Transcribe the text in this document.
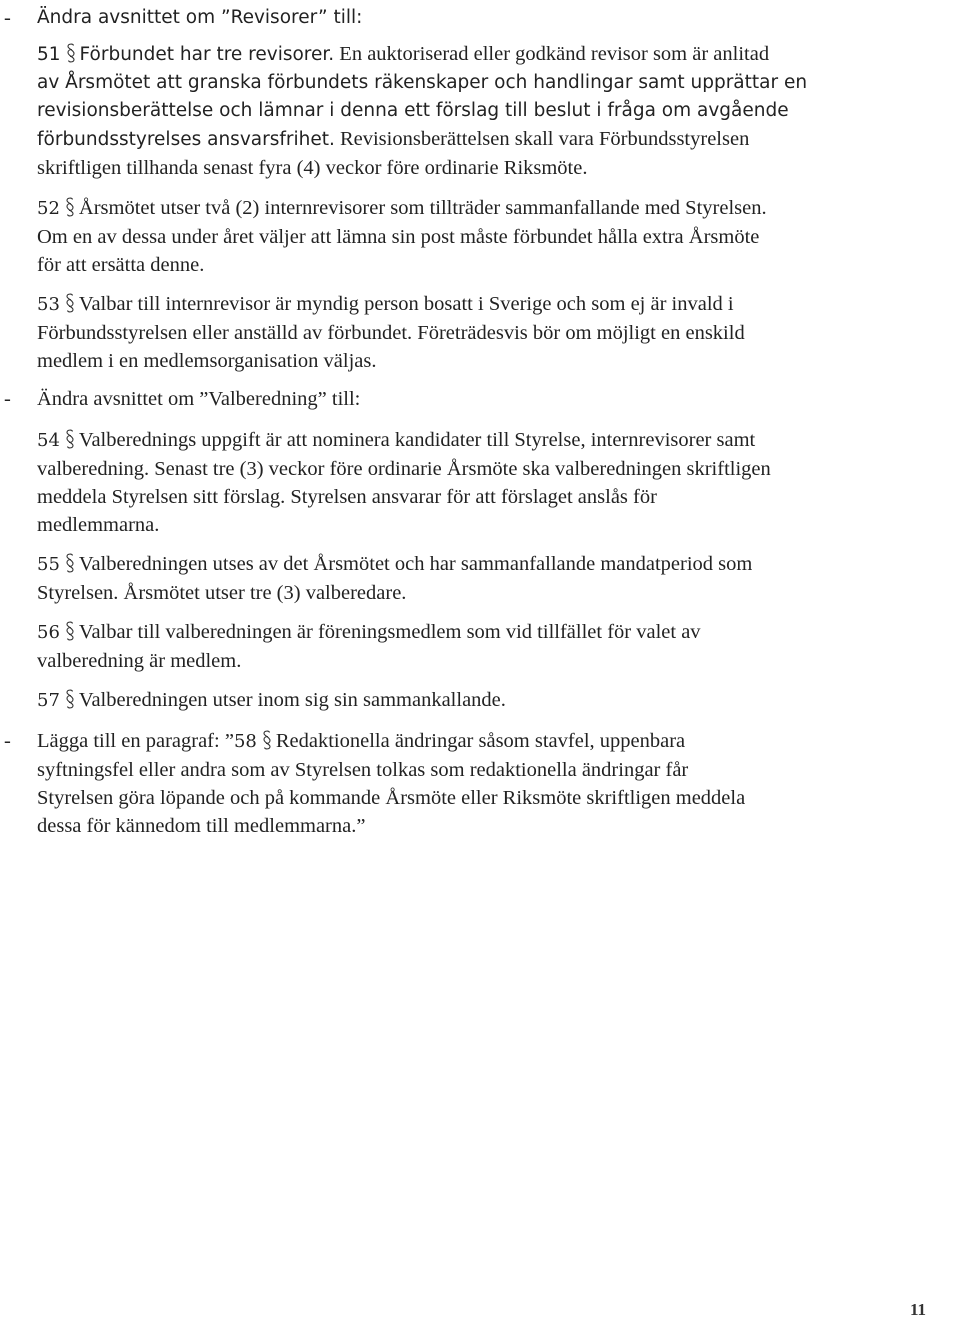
- Ändra avsnittet om ”Revisorer” till:

51 Förbundet har tre revisorer. En auktoriserad eller godkänd revisor som är anlitad

av Årsmötet att granska förbundets räkenskaper och handlingar samt upprättar en

revisionsberättelse och lämnar i denna ett förslag till beslut i fråga om avgående

förbundsstyrelses ansvarsfrihet. Revisionsberättelsen skall vara Förbundsstyrelsen

skriftligen tillhanda senast fyra (4) veckor före ordinarie Riksmöte.

52 Årsmötet utser två (2) internrevisorer som tillträder sammanfallande med Styrelsen.

Om en av dessa under året väljer att lämna sin post måste förbundet hålla extra Årsmöte

för att ersätta denne.

53 Valbar till internrevisor är myndig person bosatt i Sverige och som ej är invald i

Förbundsstyrelsen eller anställd av förbundet. Företrädesvis bör om möjligt en enskild

medlem i en medlemsorganisation väljas.

- Ändra avsnittet om ”Valberedning” till:

54 Valberednings uppgift är att nominera kandidater till Styrelse, internrevisorer samt

valberedning. Senast tre (3) veckor före ordinarie Årsmöte ska valberedningen skriftligen

meddela Styrelsen sitt förslag. Styrelsen ansvarar för att förslaget anslås för

medlemmarna.

55 Valberedningen utses av det Årsmötet och har sammanfallande mandatperiod som

Styrelsen. Årsmötet utser tre (3) valberedare.

56 Valbar till valberedningen är föreningsmedlem som vid tillfället för valet av

valberedning är medlem.

57 Valberedningen utser inom sig sin sammankallande.

- Lägga till en paragraf: ”58 Redaktionella ändringar såsom stavfel, uppenbara

syftningsfel eller andra som av Styrelsen tolkas som redaktionella ändringar får

Styrelsen göra löpande och på kommande Årsmöte eller Riksmöte skriftligen meddela

dessa för kännedom till medlemmarna.”

11
